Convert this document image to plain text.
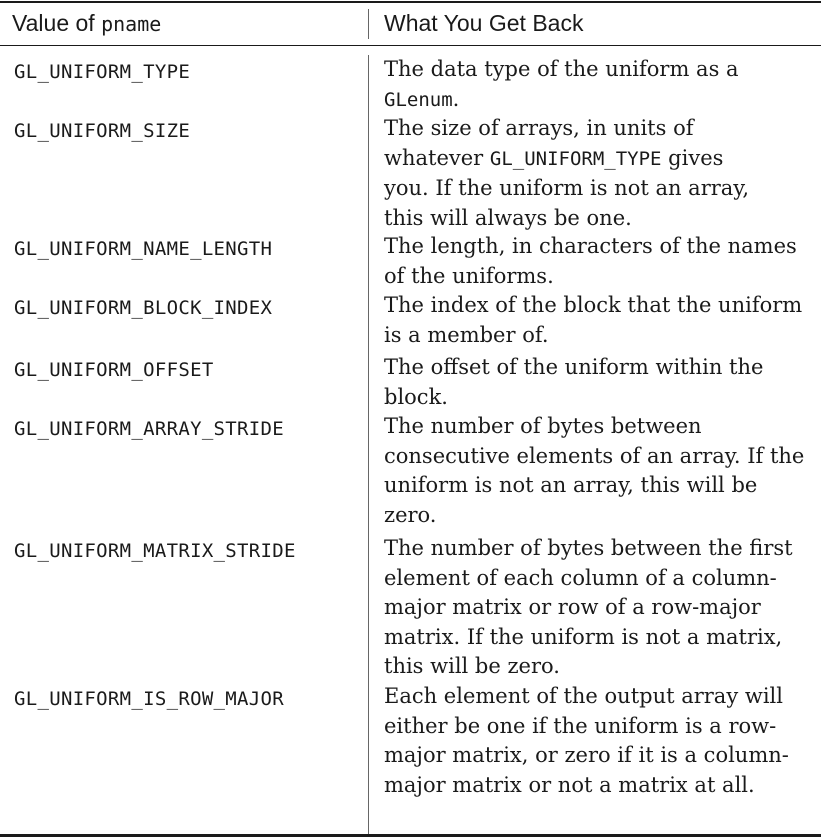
Value of pname	What You Get Back
GL_UNIFORM_TYPE	The data type of the uniform as a
GLenum.
GL_UNIFORM_SIZE	The size of arrays, in units of
whatever GL_UNIFORM_TYPE gives
you. If the uniform is not an array,
this will always be one.
GL_UNIFORM_NAME_LENGTH	The length, in characters of the names of the uniforms.
GL_UNIFORM_BLOCK_INDEX	The index of the block that the uniform is a member of.
GL_UNIFORM_OFFSET	The offset of the uniform within the block.
GL_UNIFORM_ARRAY_STRIDE	The number of bytes between consecutive elements of an array. If the uniform is not an array, this will be zero.
GL_UNIFORM_MATRIX_STRIDE	The number of bytes between the first element of each column of a column-major matrix or row of a row-major matrix. If the uniform is not a matrix, this will be zero.
GL_UNIFORM_IS_ROW_MAJOR	Each element of the output array will either be one if the uniform is a row-major matrix, or zero if it is a column-major matrix or not a matrix at all.
